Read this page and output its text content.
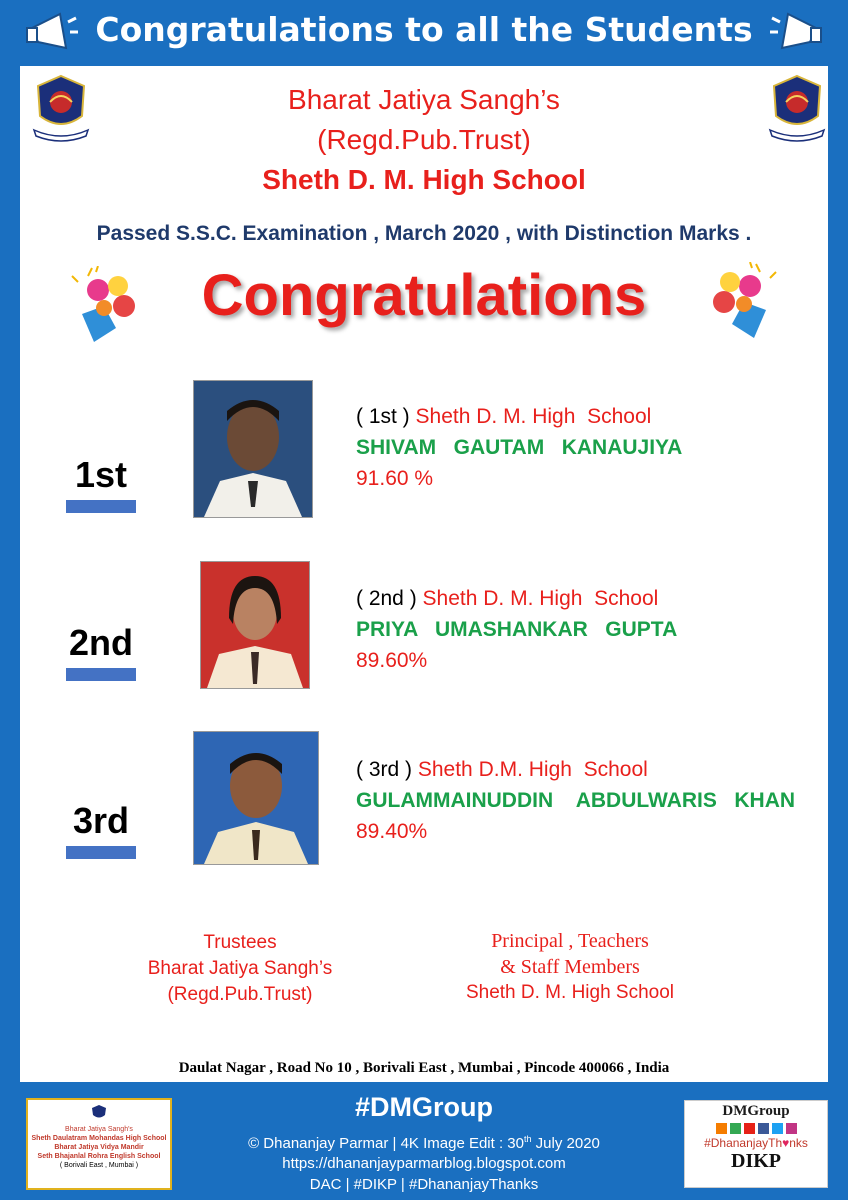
Congratulations to all the Students
Bharat Jatiya Sangh’s
(Regd.Pub.Trust)
Sheth D. M. High School
Passed S.S.C. Examination , March 2020 , with Distinction Marks .
Congratulations
1st
( 1st ) Sheth D. M. High  School
SHIVAM   GAUTAM   KANAUJIYA
91.60 %
2nd
( 2nd ) Sheth D. M. High  School
PRIYA   UMASHANKAR   GUPTA
89.60%
3rd
( 3rd ) Sheth D.M. High  School
GULAMMAINUDDIN    ABDULWARIS   KHAN
89.40%
Trustees
Bharat Jatiya Sangh’s
(Regd.Pub.Trust)
Principal , Teachers
& Staff Members
Sheth D. M. High School
Daulat Nagar , Road No 10 , Borivali East , Mumbai , Pincode 400066 , India
Bharat Jatiya Sangh's
Sheth Daulatram Mohandas High School
Bharat Jatiya Vidya Mandir
Seth Bhajanlal Rohra English School
( Borivali East , Mumbai )
#DMGroup
© Dhananjay Parmar | 4K Image Edit : 30th July 2020
https://dhananjayparmarblog.blogspot.com
DAC | #DIKP | #DhananjayThanks
DMGroup
#DhananjayTh♥nks
DIKP
